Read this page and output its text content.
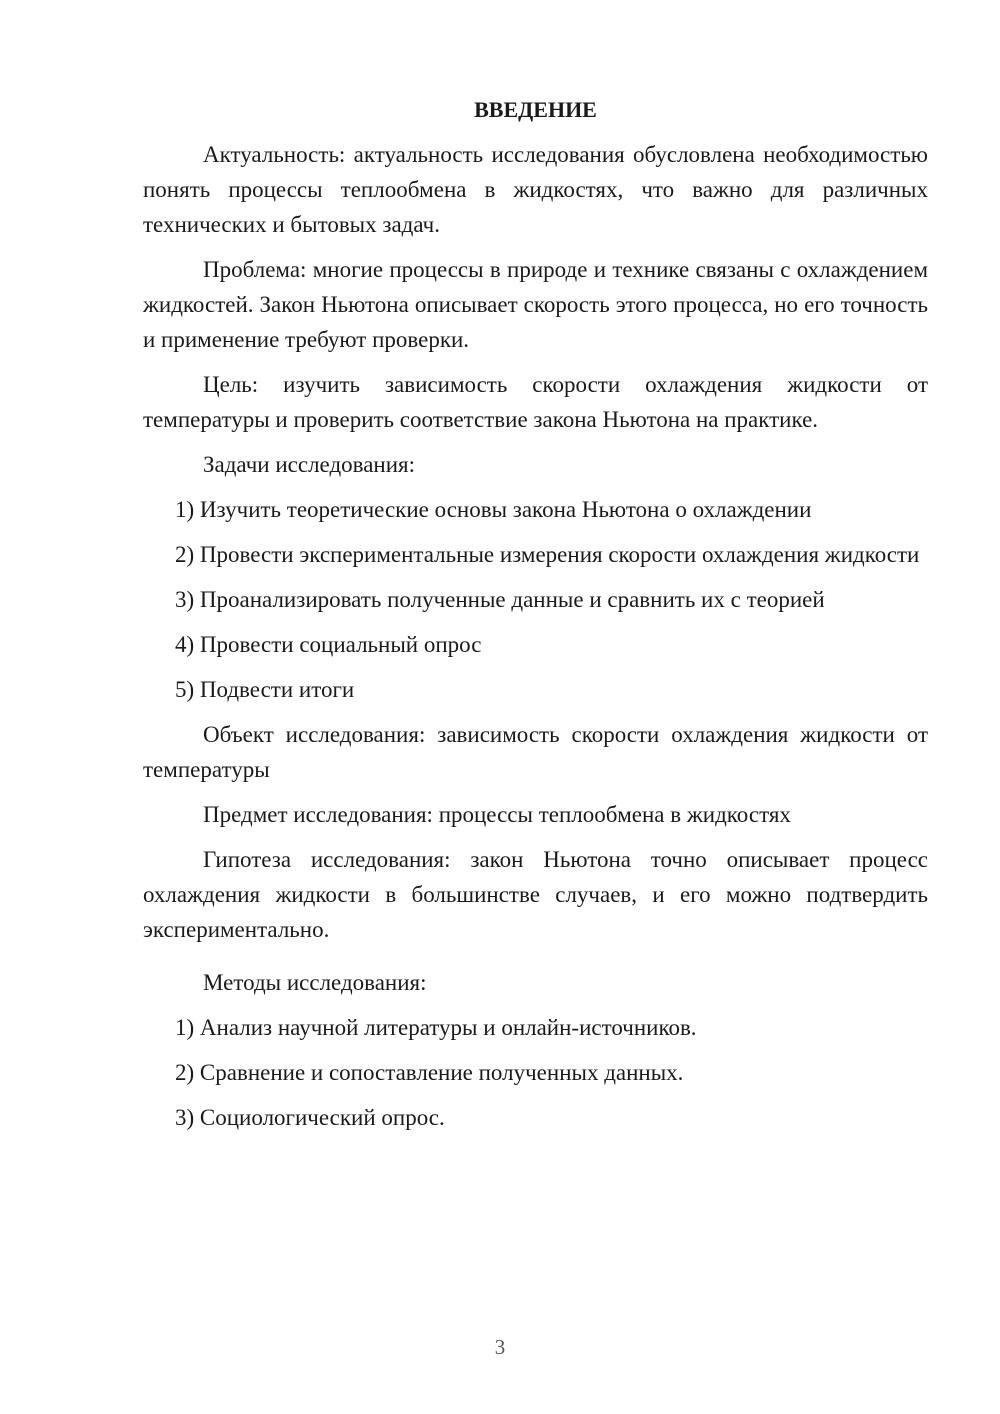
ВВЕДЕНИЕ

Актуальность: актуальность исследования обусловлена необходимостью понять процессы теплообмена в жидкостях, что важно для различных технических и бытовых задач.

Проблема: многие процессы в природе и технике связаны с охлаждением жидкостей. Закон Ньютона описывает скорость этого процесса, но его точность и применение требуют проверки.

Цель: изучить зависимость скорости охлаждения жидкости от температуры и проверить соответствие закона Ньютона на практике.

Задачи исследования:

1) Изучить теоретические основы закона Ньютона о охлаждении

2) Провести экспериментальные измерения скорости охлаждения жидкости

3) Проанализировать полученные данные и сравнить их с теорией

4) Провести социальный опрос

5) Подвести итоги

Объект исследования: зависимость скорости охлаждения жидкости от температуры

Предмет исследования: процессы теплообмена в жидкостях

Гипотеза исследования: закон Ньютона точно описывает процесс охлаждения жидкости в большинстве случаев, и его можно подтвердить экспериментально.

Методы исследования:

1) Анализ научной литературы и онлайн-источников.

2) Сравнение и сопоставление полученных данных.

3) Социологический опрос.

3
